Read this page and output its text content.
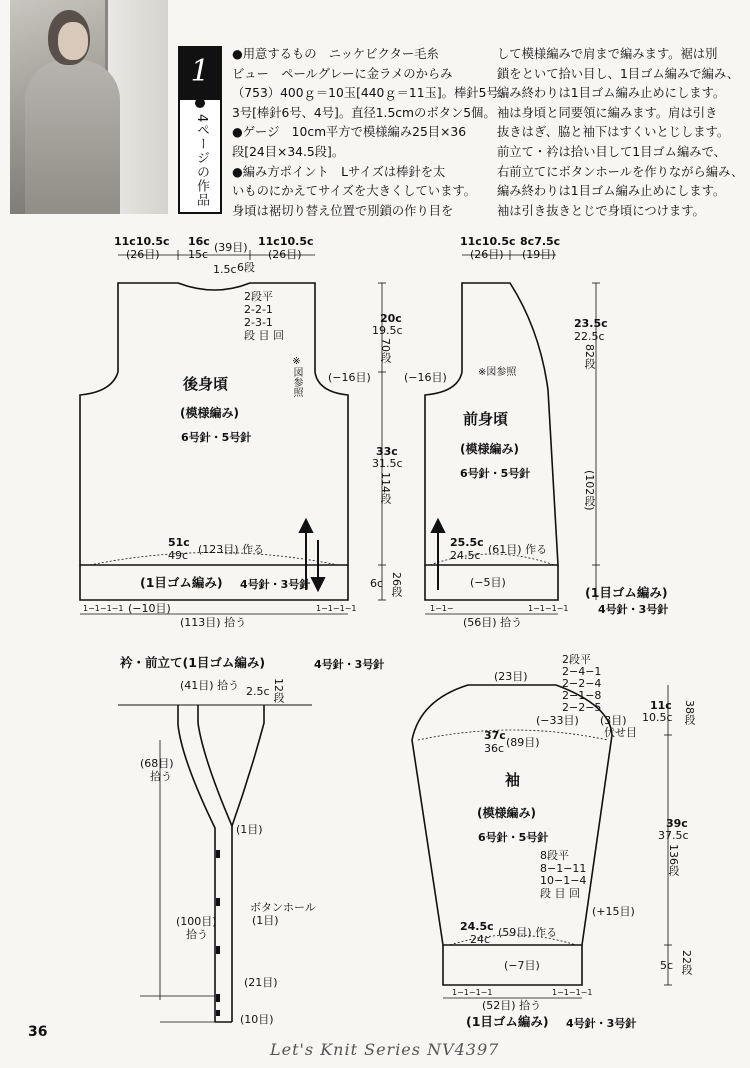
1
4ページの作品
●用意するもの　ニッケビクター毛糸
ビュー　ペールグレーに金ラメのからみ
（753）400ｇ＝10玉[440ｇ＝11玉]。棒針5号、
3号[棒針6号、4号]。直径1.5cmのボタン5個。
●ゲージ　10cm平方で模様編み25目×36
段[24目×34.5段]。
●編み方ポイント　Lサイズは棒針を太
いものにかえてサイズを大きくしています。
身頃は裾切り替え位置で別鎖の作り目を
して模様編みで肩まで編みます。裾は別
鎖をといて拾い目し、1目ゴム編みで編み、
編み終わりは1目ゴム編み止めにします。
袖は身頃と同要領に編みます。肩は引き
抜きはぎ、脇と袖下はすくいとじします。
前立て・衿は拾い目して1目ゴム編みで、
右前立てにボタンホールを作りながら編み、
編み終わりは1目ゴム編み止めにします。
袖は引き抜きとじで身頃につけます。
11c10.5c
(26目)
16c
15c
(39目) 11c10.5c
(26目)
1.5c 6段
2段平
2-2-1
2-3-1
段 目 回
後身頃
(模様編み)
6号針・5号針
※図参照 (−16目)
20c
19.5c
70段
33c
31.5c
114段
6c 26段
51c
49c (123目) 作る
(1目ゴム編み) 4号針・3号針
1−1−1−1	1−1−1−1
(−10目)
(113目) 拾う
11c10.5c
(26目)
8c7.5c
(19目)
(−16目)	※図参照
前身頃
(模様編み)
6号針・5号針
23.5c
22.5c
82段
(102段)
25.5c
24.5c (61目) 作る
(−5目)
(1目ゴム編み)
4号針・3号針
1−1−	1−1−1−1
(56目) 拾う
衿・前立て(1目ゴム編み)	4号針・3号針
(41目) 拾う 2.5c 12段
(68目)
拾う
(1目)
ボタンホール
(1目)
(100目)
拾う
(21目)
(10目)
(23目)
2段平
2−4−1
2−2−4
2−1−8
2−2−5
(3目)
伏せ目
(−33目)
11c
10.5c 38段
37c
36c (89目)
袖
(模様編み)
6号針・5号針
8段平
8−1−11
10−1−4
段 目 回
(+15目)
39c
37.5c
136段
5c 22段
24.5c
24c
(59目) 作る
(−7目)
1−1−1−1	1−1−1−1
(52目) 拾う
(1目ゴム編み) 4号針・3号針
36
Let's Knit Series NV4397
